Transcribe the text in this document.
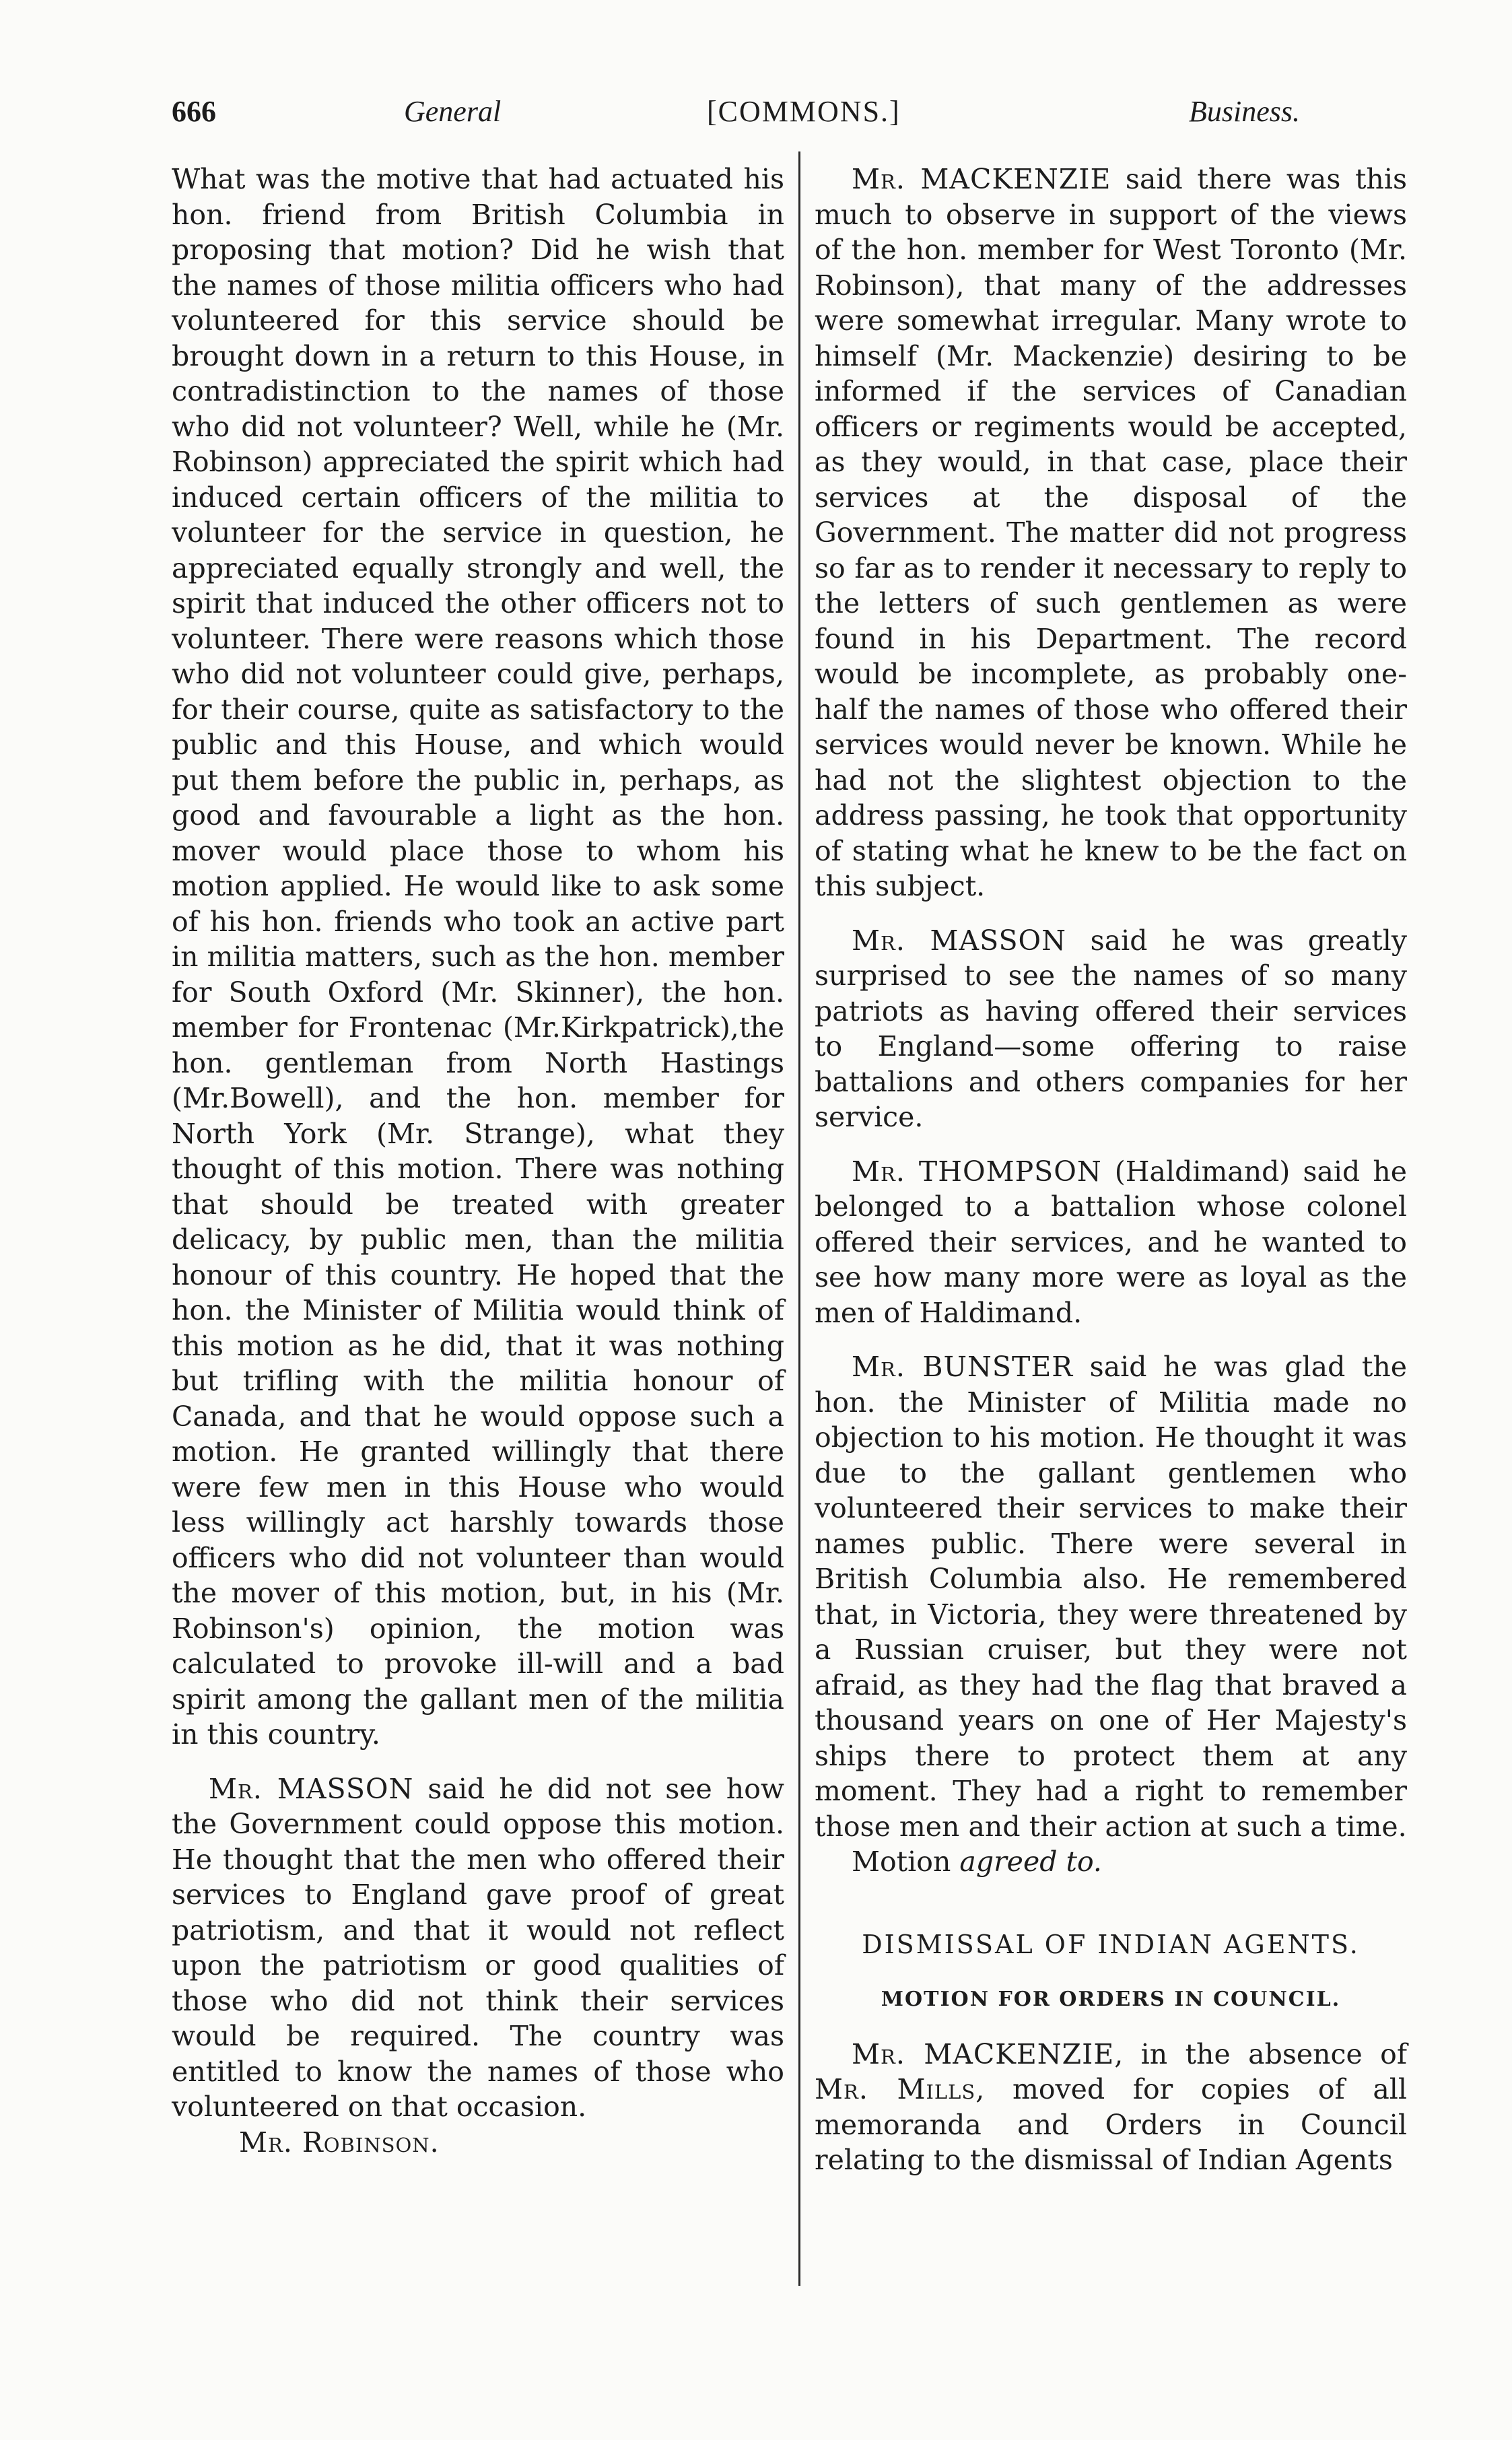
666	General	[COMMONS.]	Business.

What was the motive that had actuated his hon. friend from British Columbia in proposing that motion? Did he wish that the names of those militia officers who had volunteered for this service should be brought down in a return to this House, in contradistinction to the names of those who did not volunteer? Well, while he (Mr. Robinson) appreciated the spirit which had induced certain officers of the militia to volunteer for the service in question, he appreciated equally strongly and well, the spirit that induced the other officers not to volunteer. There were reasons which those who did not volunteer could give, perhaps, for their course, quite as satisfactory to the public and this House, and which would put them before the public in, perhaps, as good and favourable a light as the hon. mover would place those to whom his motion applied. He would like to ask some of his hon. friends who took an active part in militia matters, such as the hon. member for South Oxford (Mr. Skinner), the hon. member for Frontenac (Mr.Kirkpatrick),the hon. gentleman from North Hastings (Mr.Bowell), and the hon. member for North York (Mr. Strange), what they thought of this motion. There was nothing that should be treated with greater delicacy, by public men, than the militia honour of this country. He hoped that the hon. the Minister of Militia would think of this motion as he did, that it was nothing but trifling with the militia honour of Canada, and that he would oppose such a motion. He granted willingly that there were few men in this House who would less willingly act harshly towards those officers who did not volunteer than would the mover of this motion, but, in his (Mr. Robinson's) opinion, the motion was calculated to provoke ill-will and a bad spirit among the gallant men of the militia in this country.

Mr. MASSON said he did not see how the Government could oppose this motion. He thought that the men who offered their services to England gave proof of great patriotism, and that it would not reflect upon the patriotism or good qualities of those who did not think their services would be required. The country was entitled to know the names of those who volunteered on that occasion.

Mr. Robinson.

Mr. MACKENZIE said there was this much to observe in support of the views of the hon. member for West Toronto (Mr. Robinson), that many of the addresses were somewhat irregular. Many wrote to himself (Mr. Mackenzie) desiring to be informed if the services of Canadian officers or regiments would be accepted, as they would, in that case, place their services at the disposal of the Government. The matter did not progress so far as to render it necessary to reply to the letters of such gentlemen as were found in his Department. The record would be incomplete, as probably one-half the names of those who offered their services would never be known. While he had not the slightest objection to the address passing, he took that opportunity of stating what he knew to be the fact on this subject.

Mr. MASSON said he was greatly surprised to see the names of so many patriots as having offered their services to England—some offering to raise battalions and others companies for her service.

Mr. THOMPSON (Haldimand) said he belonged to a battalion whose colonel offered their services, and he wanted to see how many more were as loyal as the men of Haldimand.

Mr. BUNSTER said he was glad the hon. the Minister of Militia made no objection to his motion. He thought it was due to the gallant gentlemen who volunteered their services to make their names public. There were several in British Columbia also. He remembered that, in Victoria, they were threatened by a Russian cruiser, but they were not afraid, as they had the flag that braved a thousand years on one of Her Majesty's ships there to protect them at any moment. They had a right to remember those men and their action at such a time.

Motion agreed to.

DISMISSAL OF INDIAN AGENTS.

MOTION FOR ORDERS IN COUNCIL.

Mr. MACKENZIE, in the absence of Mr. Mills, moved for copies of all memoranda and Orders in Council relating to the dismissal of Indian Agents
